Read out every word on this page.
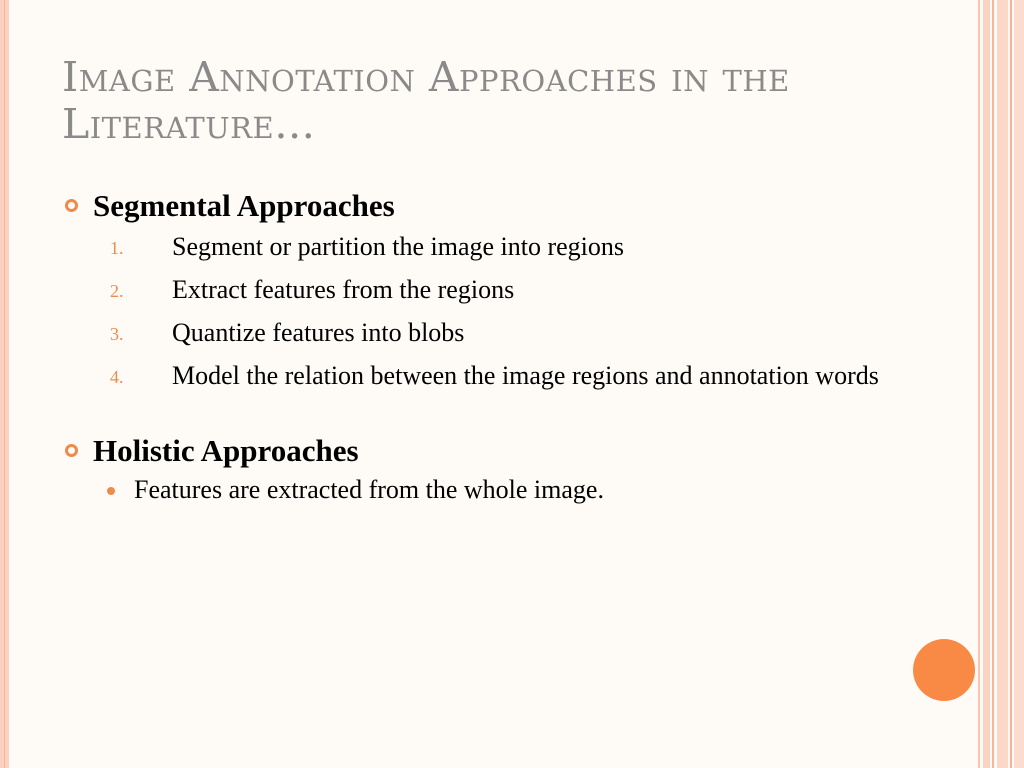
Image Annotation Approaches in the Literature…
Segmental Approaches
1. Segment or partition the image into regions
2. Extract features from the regions
3. Quantize features into blobs
4. Model the relation between the image regions and annotation words
Holistic Approaches
Features are extracted from the whole image.
